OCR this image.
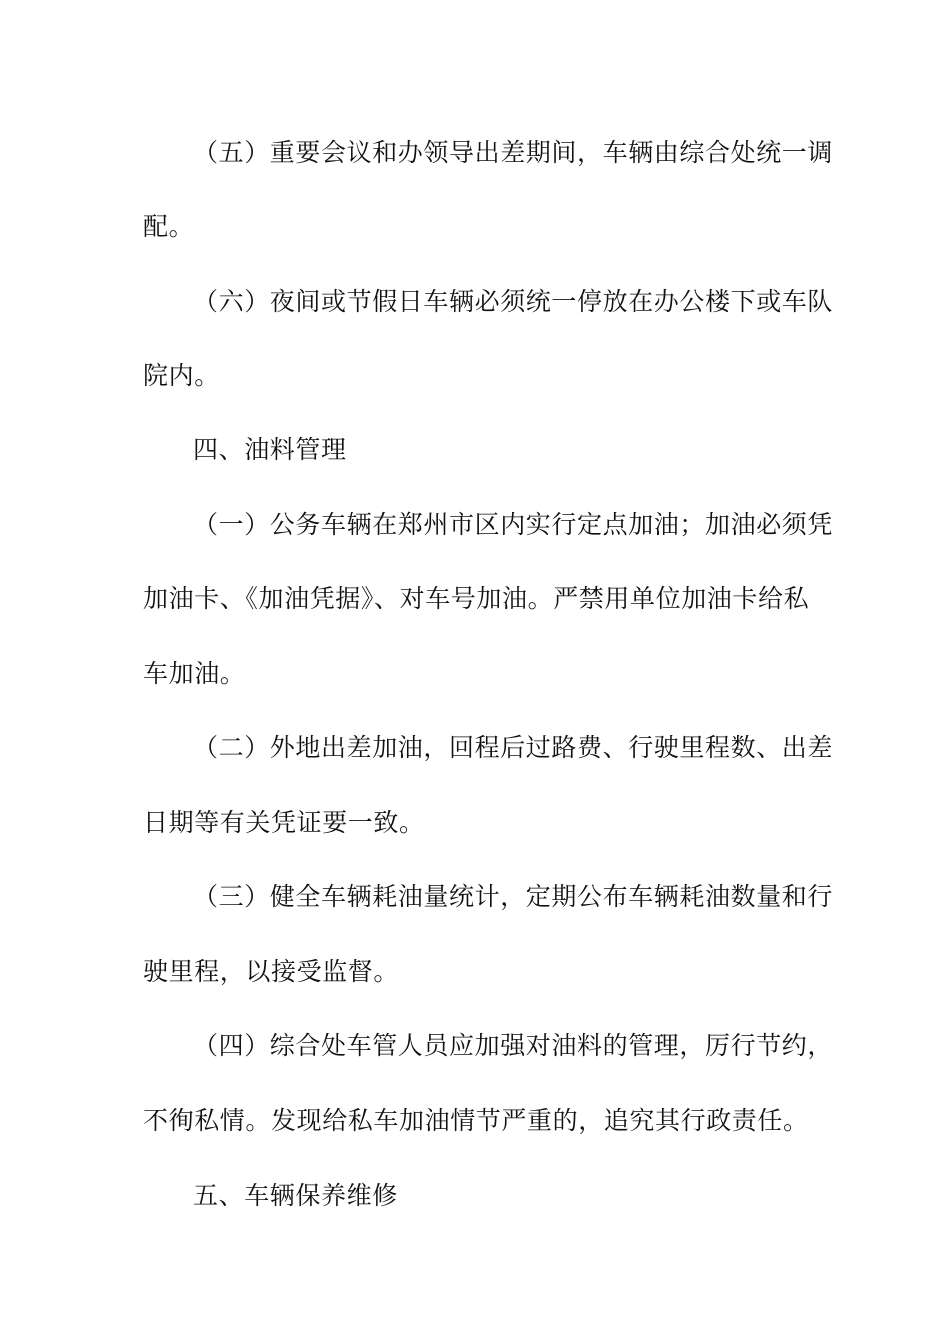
（五）重要会议和办领导出差期间，车辆由综合处统一调
配。
（六）夜间或节假日车辆必须统一停放在办公楼下或车队
院内。
四、油料管理
（一）公务车辆在郑州市区内实行定点加油；加油必须凭
加油卡、《加油凭据》、对车号加油。严禁用单位加油卡给私
车加油。
（二）外地出差加油，回程后过路费、行驶里程数、出差
日期等有关凭证要一致。
（三）健全车辆耗油量统计，定期公布车辆耗油数量和行
驶里程，以接受监督。
（四）综合处车管人员应加强对油料的管理，厉行节约，
不徇私情。发现给私车加油情节严重的，追究其行政责任。
五、车辆保养维修
